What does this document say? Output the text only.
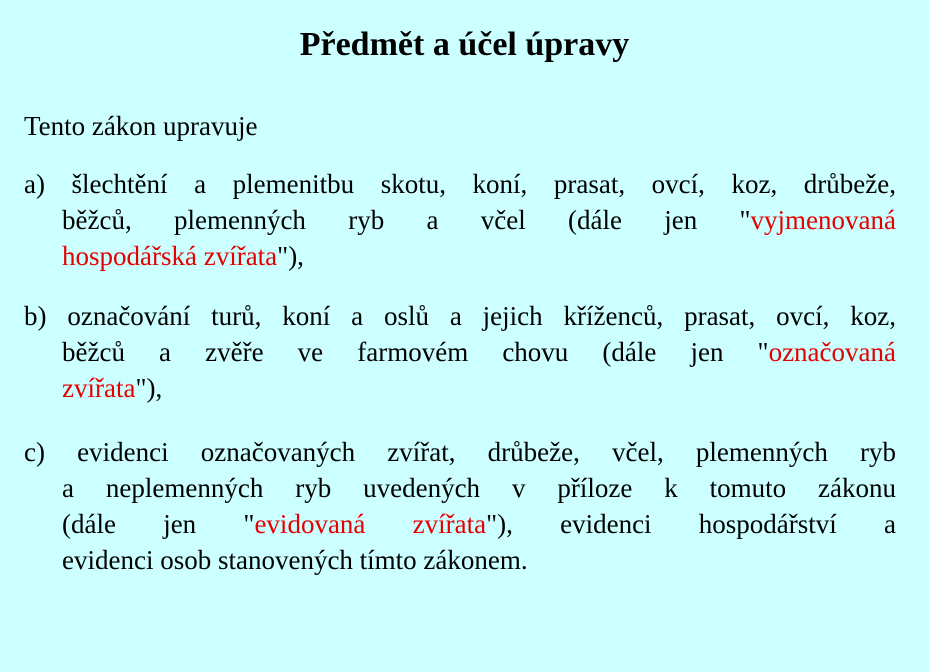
Předmět a účel úpravy
Tento zákon upravuje
a) šlechtění a plemenitbu skotu, koní, prasat, ovcí, koz, drůbeže,
běžců, plemenných ryb a včel (dále jen "vyjmenovaná
hospodářská zvířata"),
b) označování turů, koní a oslů a jejich kříženců, prasat, ovcí, koz,
běžců a zvěře ve farmovém chovu (dále jen "označovaná
zvířata"),
c) evidenci označovaných zvířat, drůbeže, včel, plemenných ryb
a neplemenných ryb uvedených v příloze k tomuto zákonu
(dále jen "evidovaná zvířata"), evidenci hospodářství a
evidenci osob stanovených tímto zákonem.
